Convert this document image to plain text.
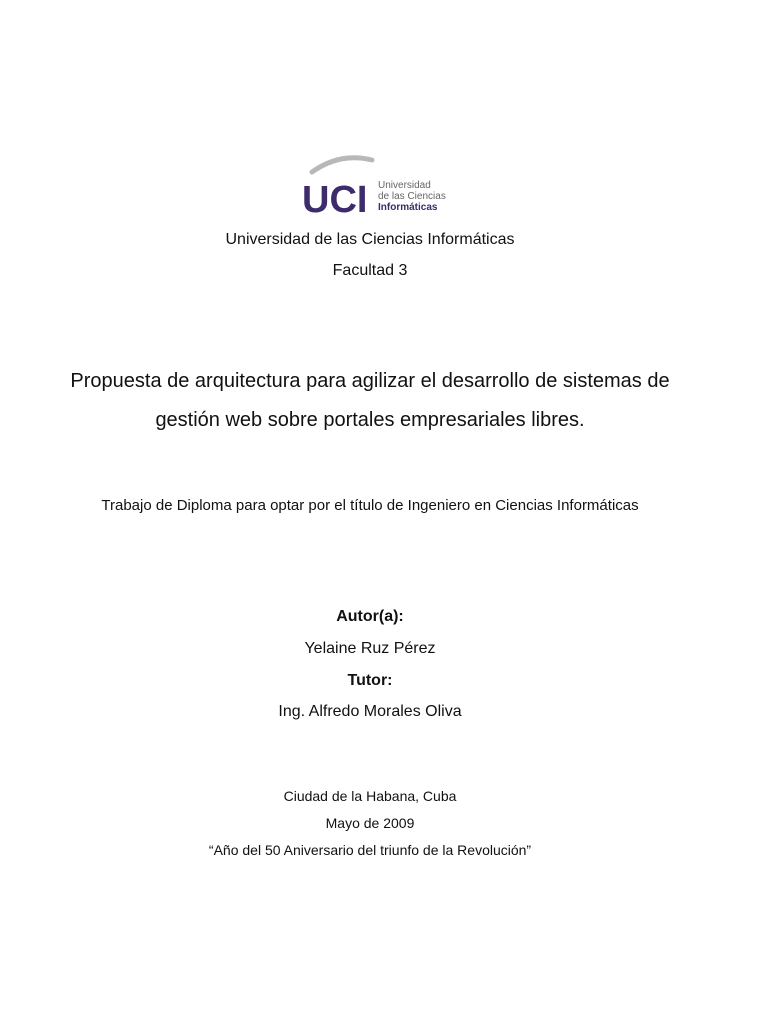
UCI Universidad
de las Ciencias
Informáticas
Universidad de las Ciencias Informáticas
Facultad 3
Propuesta de arquitectura para agilizar el desarrollo de sistemas de
gestión web sobre portales empresariales libres.
Trabajo de Diploma para optar por el título de Ingeniero en Ciencias Informáticas
Autor(a):
Yelaine Ruz Pérez
Tutor:
Ing. Alfredo Morales Oliva
Ciudad de la Habana, Cuba
Mayo de 2009
“Año del 50 Aniversario del triunfo de la Revolución”
